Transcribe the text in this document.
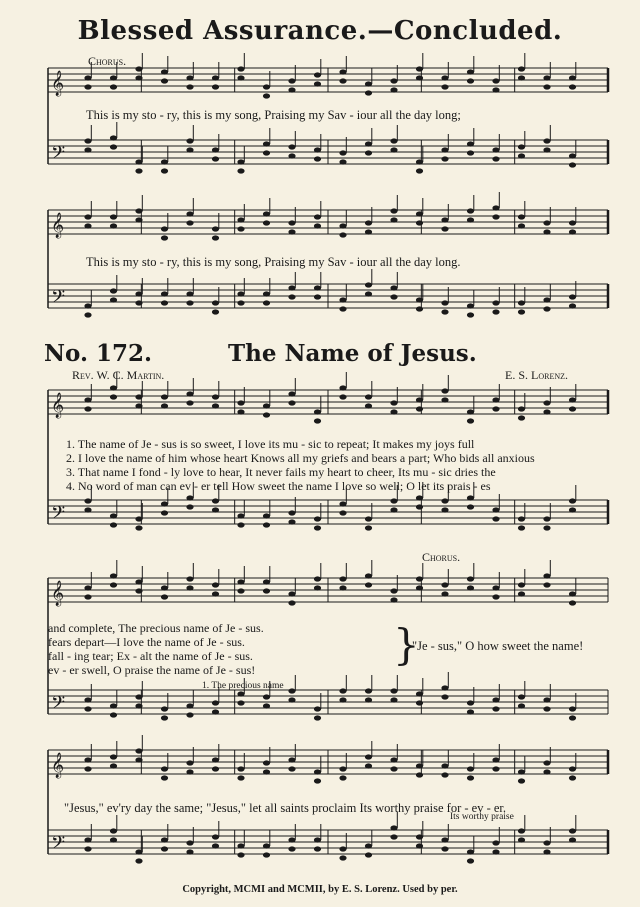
Blessed Assurance.—Concluded.
𝄞
𝄢
𝄞
𝄢
𝄞
𝄢
𝄞
𝄢
𝄞
𝄢
Chorus.
This is my sto - ry, this is my song, Praising my Sav - iour all the day long;
This is my sto - ry, this is my song, Praising my Sav - iour all the day long.
No. 172.	The Name of Jesus.
Rev. W. C. Martin.	E. S. Lorenz.
1. The name of Je - sus is so sweet, I love its mu - sic to repeat; It makes my joys full
2. I love the name of him whose heart Knows all my griefs and bears a part; Who bids all anxious
3. That name I fond - ly love to hear, It never fails my heart to cheer, Its mu - sic dries the
4. No word of man can ev - er tell How sweet the name I love so well; O let its prais - es
Chorus.
and complete, The precious name of Je - sus.
fears depart—I love the name of Je - sus.
fall - ing tear; Ex - alt the name of Je - sus.
ev - er swell, O praise the name of Je - sus!
}
"Je - sus," O how sweet the name!
1. The precious name
"Jesus," ev'ry day the same; "Jesus," let all saints proclaim Its worthy praise for - ev - er.
Its worthy praise
Copyright, MCMI and MCMII, by E. S. Lorenz. Used by per.
